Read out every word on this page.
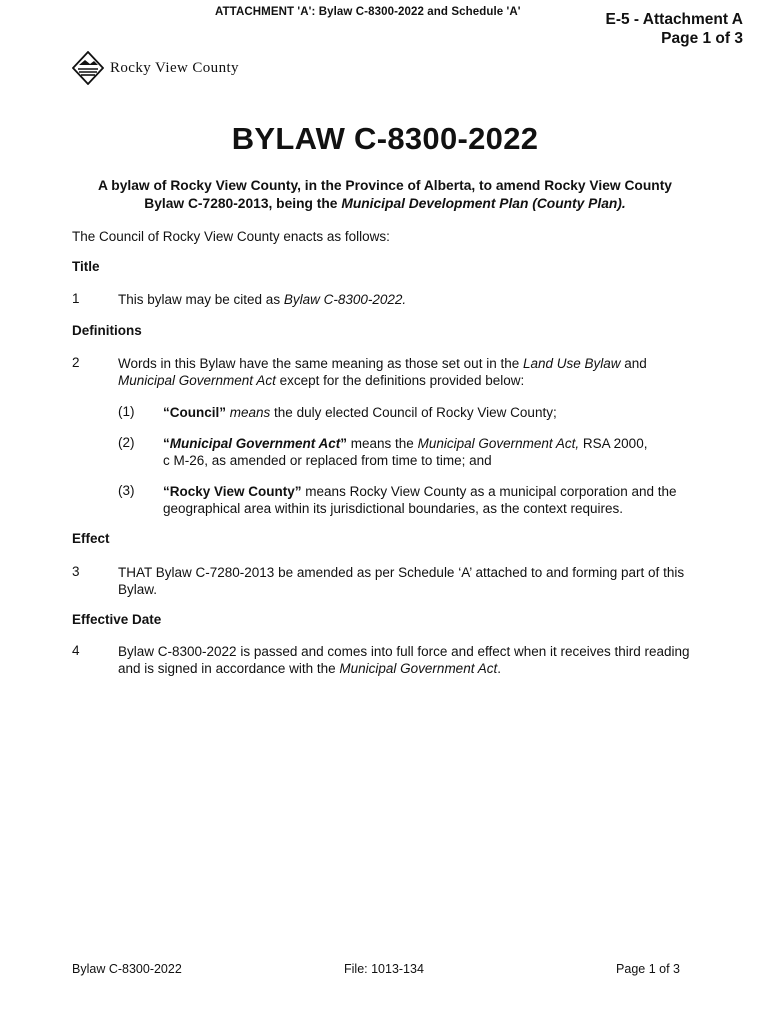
ATTACHMENT 'A': Bylaw C-8300-2022 and Schedule 'A'	E-5 - Attachment A
Page 1 of 3
Rocky View County
BYLAW C-8300-2022
A bylaw of Rocky View County, in the Province of Alberta, to amend Rocky View County
Bylaw C-7280-2013, being the Municipal Development Plan (County Plan).
The Council of Rocky View County enacts as follows:
Title
1	This bylaw may be cited as Bylaw C-8300-2022.
Definitions
2	Words in this Bylaw have the same meaning as those set out in the Land Use Bylaw and
Municipal Government Act except for the definitions provided below:
(1) “Council” means the duly elected Council of Rocky View County;
(2) “Municipal Government Act” means the Municipal Government Act, RSA 2000,
c M-26, as amended or replaced from time to time; and
(3) “Rocky View County” means Rocky View County as a municipal corporation and the
geographical area within its jurisdictional boundaries, as the context requires.
Effect
3	THAT Bylaw C-7280-2013 be amended as per Schedule ‘A’ attached to and forming part of this Bylaw.
Effective Date
4	Bylaw C-8300-2022 is passed and comes into full force and effect when it receives third reading and is signed in accordance with the Municipal Government Act.
Bylaw C-8300-2022	File: 1013-134	Page 1 of 3
